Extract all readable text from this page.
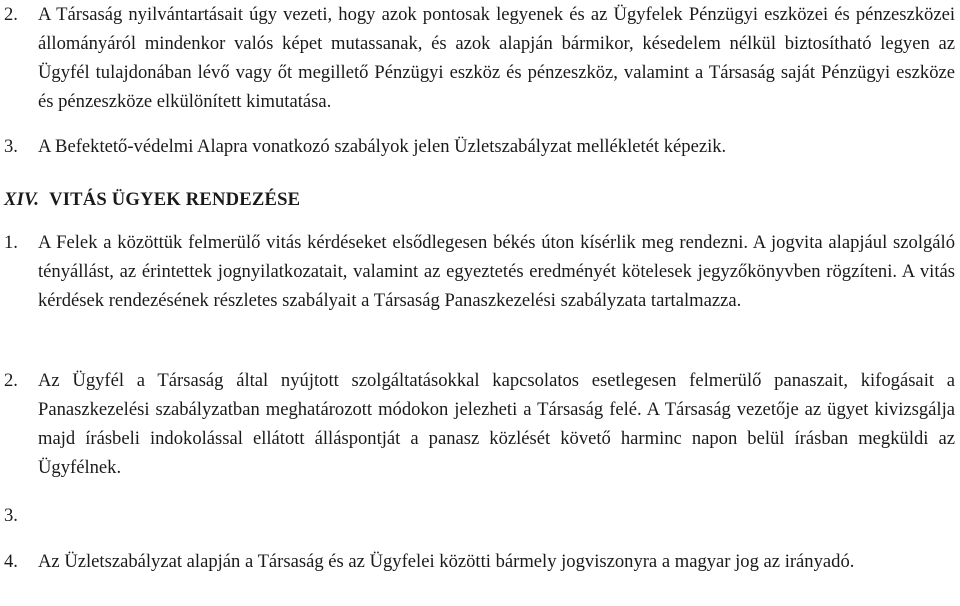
2. A Társaság nyilvántartásait úgy vezeti, hogy azok pontosak legyenek és az Ügyfelek Pénzügyi eszközei és pénzeszközei állományáról mindenkor valós képet mutassanak, és azok alapján bármikor, késedelem nélkül biztosítható legyen az Ügyfél tulajdonában lévő vagy őt megillető Pénzügyi eszköz és pénzeszköz, valamint a Társaság saját Pénzügyi eszköze és pénzeszköze elkülönített kimutatása.
3. A Befektető-védelmi Alapra vonatkozó szabályok jelen Üzletszabályzat mellékletét képezik.
XIV. VITÁS ÜGYEK RENDEZÉSE
1. A Felek a közöttük felmerülő vitás kérdéseket elsődlegesen békés úton kísérlik meg rendezni. A jogvita alapjául szolgáló tényállást, az érintettek jognyilatkozatait, valamint az egyeztetés eredményét kötelesek jegyzőkönyvben rögzíteni. A vitás kérdések rendezésének részletes szabályait a Társaság Panaszkezelési szabályzata tartalmazza.
2. Az Ügyfél a Társaság által nyújtott szolgáltatásokkal kapcsolatos esetlegesen felmerülő panaszait, kifogásait a Panaszkezelési szabályzatban meghatározott módokon jelezheti a Társaság felé. A Társaság vezetője az ügyet kivizsgálja majd írásbeli indokolással ellátott álláspontját a panasz közlését követő harminc napon belül írásban megküldi az Ügyfélnek.
3.
4. Az Üzletszabályzat alapján a Társaság és az Ügyfelei közötti bármely jogviszonyra a magyar jog az irányadó.
